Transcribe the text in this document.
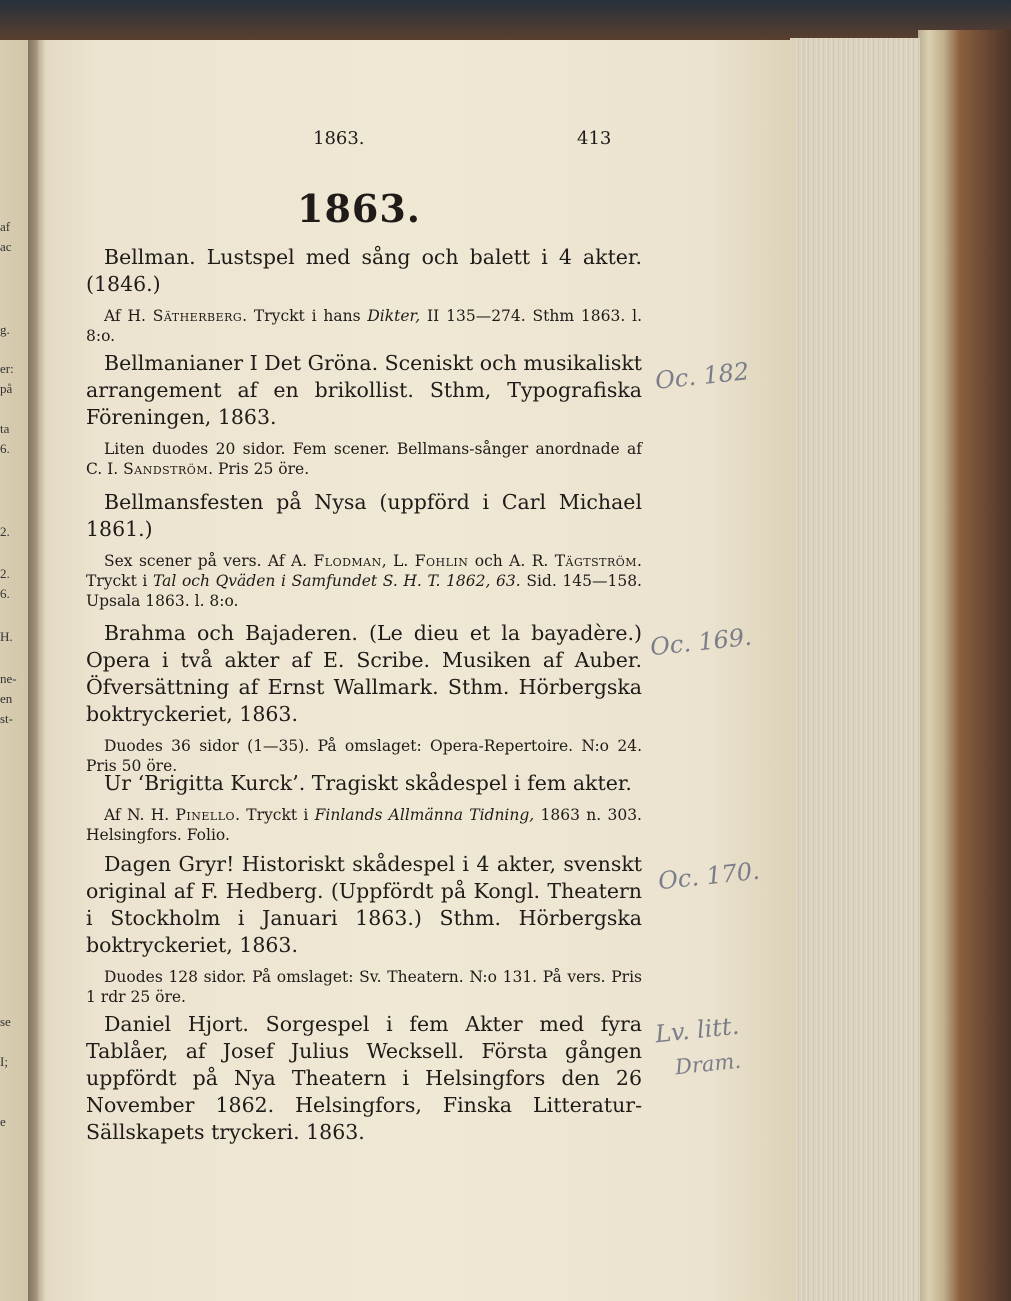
af
ac
g.
er:
på
ta
6.
2.
2.
6.
H.
ne-
en
st-
se
I;
e
1863.	413
1863.
Bellman. Lustspel med sång och balett i 4 akter. (1846.)
Af H. Sätherberg. Tryckt i hans Dikter, II 135—274. Sthm 1863. l. 8:o.
Bellmanianer I Det Gröna. Sceniskt och musikaliskt arrangement af en brikollist. Sthm, Typografiska Föreningen, 1863.
Liten duodes 20 sidor. Fem scener. Bellmans-sånger anordnade af C. I. Sandström. Pris 25 öre.
Bellmansfesten på Nysa (uppförd i Carl Michael 1861.)
Sex scener på vers. Af A. Flodman, L. Fohlin och A. R. Tägtström. Tryckt i Tal och Qväden i Samfundet S. H. T. 1862, 63. Sid. 145—158. Upsala 1863. l. 8:o.
Brahma och Bajaderen. (Le dieu et la bayadère.) Opera i två akter af E. Scribe. Musiken af Auber. Öfversättning af Ernst Wallmark. Sthm. Hörbergska boktryckeriet, 1863.
Duodes 36 sidor (1—35). På omslaget: Opera-Repertoire. N:o 24. Pris 50 öre.
Ur ‘Brigitta Kurck’. Tragiskt skådespel i fem akter.
Af N. H. Pinello. Tryckt i Finlands Allmänna Tidning, 1863 n. 303. Helsingfors. Folio.
Dagen Gryr! Historiskt skådespel i 4 akter, svenskt original af F. Hedberg. (Uppfördt på Kongl. Theatern i Stockholm i Januari 1863.) Sthm. Hörbergska boktryckeriet, 1863.
Duodes 128 sidor. På omslaget: Sv. Theatern. N:o 131. På vers. Pris 1 rdr 25 öre.
Daniel Hjort. Sorgespel i fem Akter med fyra Tablåer, af Josef Julius Wecksell. Första gången uppfördt på Nya Theatern i Helsingfors den 26 November 1862. Helsingfors, Finska Litteratur-Sällskapets tryckeri. 1863.
Oc. 182
Oc. 169.
Oc. 170.
Lv. litt.
Dram.
